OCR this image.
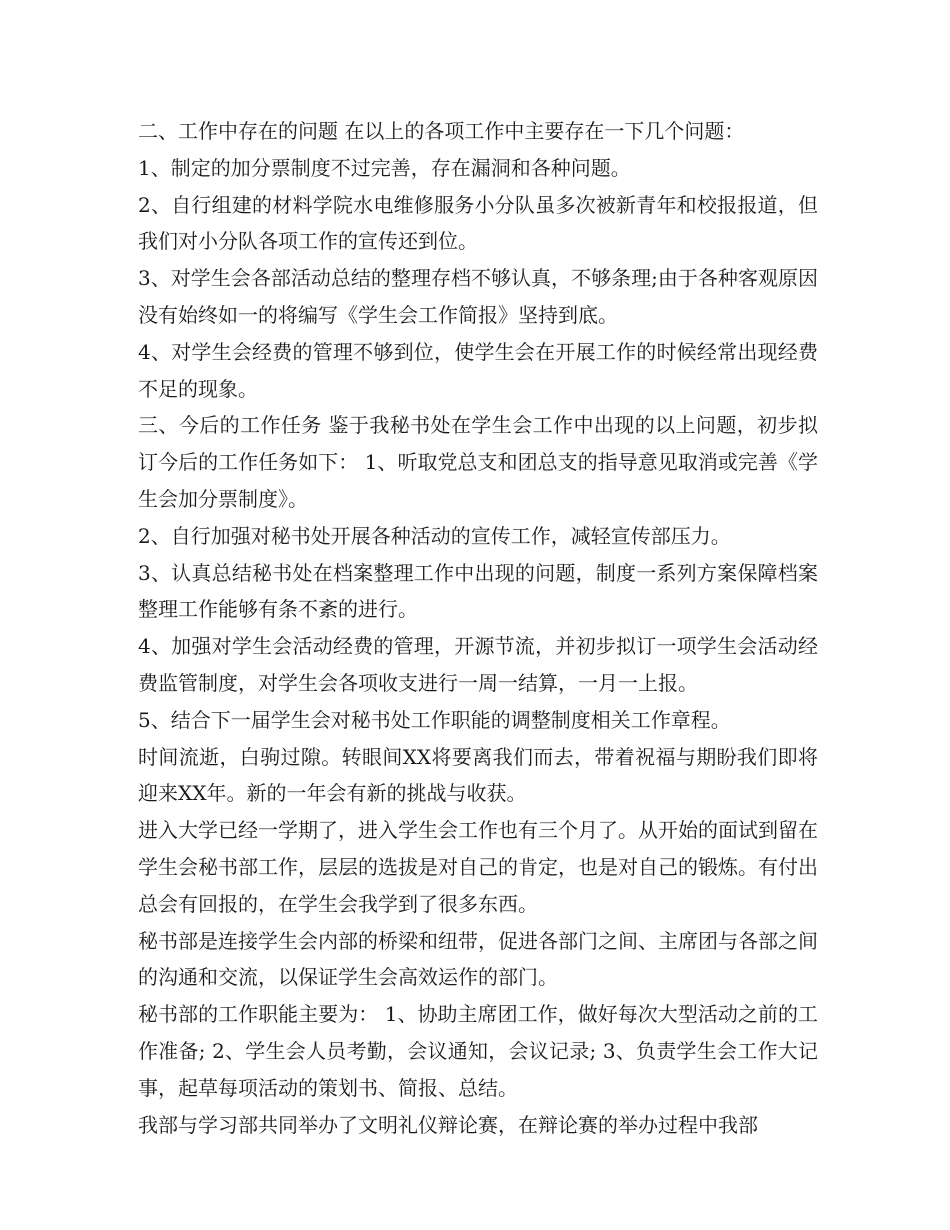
二、工作中存在的问题 在以上的各项工作中主要存在一下几个问题：

1、制定的加分票制度不过完善，存在漏洞和各种问题。

2、自行组建的材料学院水电维修服务小分队虽多次被新青年和校报报道，但我们对小分队各项工作的宣传还到位。

3、对学生会各部活动总结的整理存档不够认真，不够条理;由于各种客观原因没有始终如一的将编写《学生会工作简报》坚持到底。

4、对学生会经费的管理不够到位，使学生会在开展工作的时候经常出现经费不足的现象。

三、今后的工作任务 鉴于我秘书处在学生会工作中出现的以上问题，初步拟订今后的工作任务如下： 1、听取党总支和团总支的指导意见取消或完善《学生会加分票制度》。

2、自行加强对秘书处开展各种活动的宣传工作，减轻宣传部压力。

3、认真总结秘书处在档案整理工作中出现的问题，制度一系列方案保障档案整理工作能够有条不紊的进行。

4、加强对学生会活动经费的管理，开源节流，并初步拟订一项学生会活动经费监管制度，对学生会各项收支进行一周一结算，一月一上报。

5、结合下一届学生会对秘书处工作职能的调整制度相关工作章程。

时间流逝，白驹过隙。转眼间XX将要离我们而去，带着祝福与期盼我们即将迎来XX年。新的一年会有新的挑战与收获。

进入大学已经一学期了，进入学生会工作也有三个月了。从开始的面试到留在学生会秘书部工作，层层的选拔是对自己的肯定，也是对自己的锻炼。有付出总会有回报的，在学生会我学到了很多东西。

秘书部是连接学生会内部的桥梁和纽带，促进各部门之间、主席团与各部之间的沟通和交流，以保证学生会高效运作的部门。

秘书部的工作职能主要为： 1、协助主席团工作，做好每次大型活动之前的工作准备; 2、学生会人员考勤，会议通知，会议记录; 3、负责学生会工作大记事，起草每项活动的策划书、简报、总结。

我部与学习部共同举办了文明礼仪辩论赛，在辩论赛的举办过程中我部
